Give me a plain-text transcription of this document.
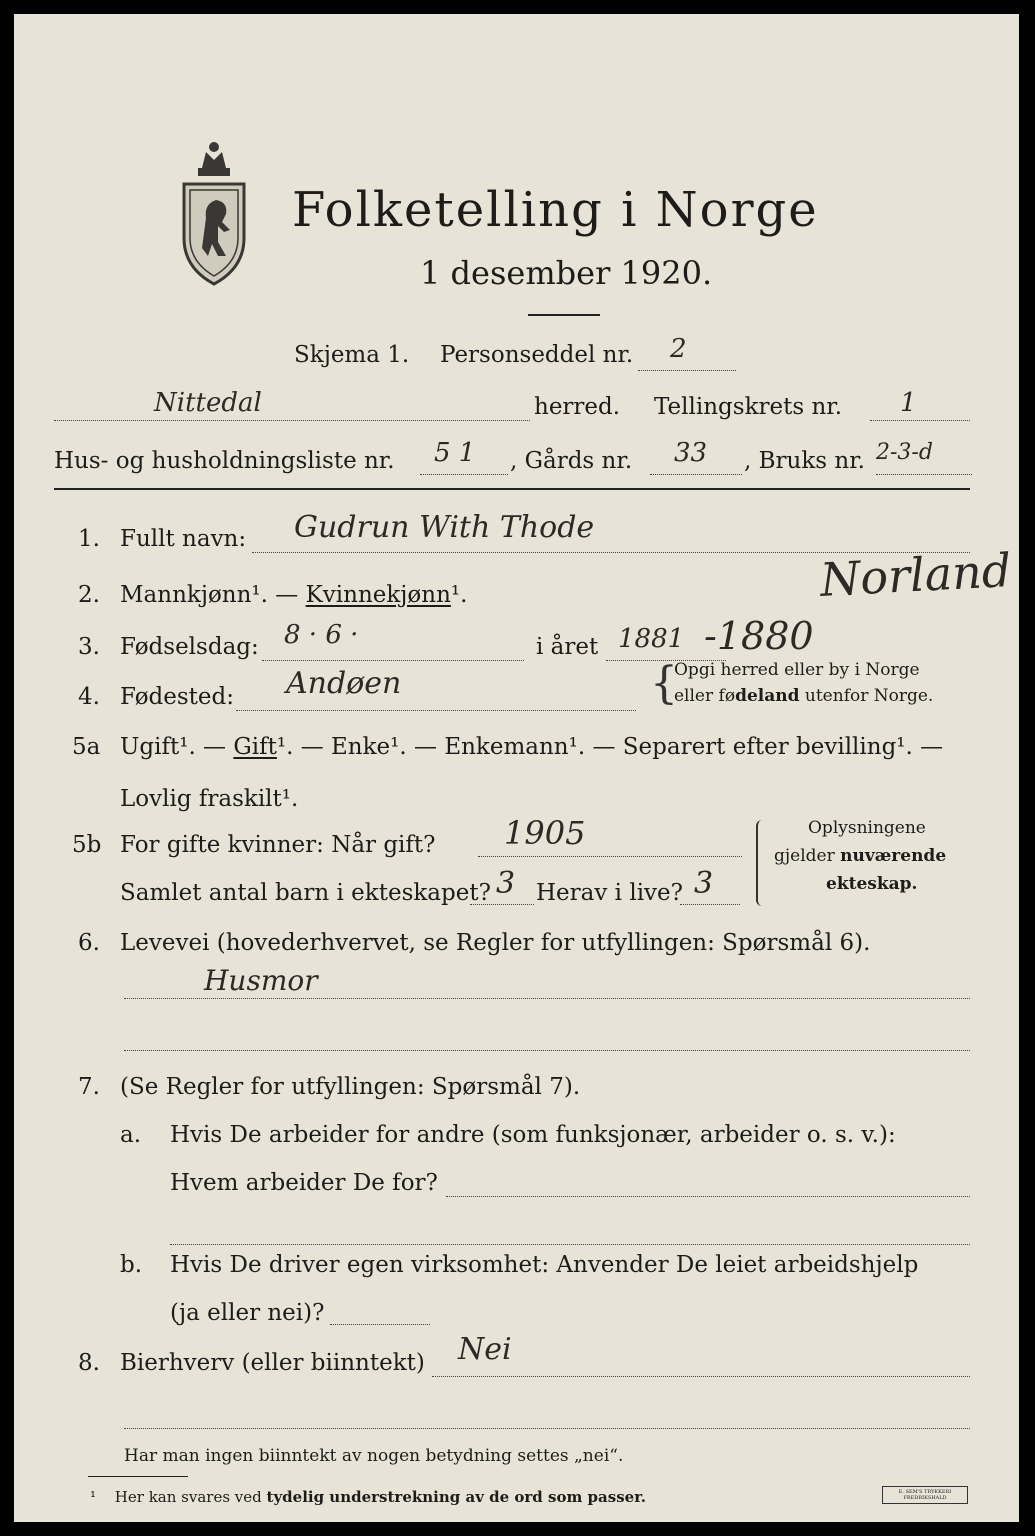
Folketelling i Norge
1 desember 1920.
Skjema 1. Personseddel nr. 2
Nittedal	herred. Tellingskrets nr. 1
Hus- og husholdningsliste nr. 5 1 , Gårds nr. 33 , Bruks nr. 2-3-d
1. Fullt navn: Gudrun With Thode
2. Mannkjønn¹. — Kvinnekjønn¹.	Norland
3. Fødselsdag: 8 · 6 ·	i året 1881 -1880
4. Fødested: Andøen	{
Opgi herred eller by i Norge
eller fødeland utenfor Norge.
5a Ugift¹. — Gift¹. — Enke¹. — Enkemann¹. — Separert efter bevilling¹. —
Lovlig fraskilt¹.
5b For gifte kvinner: Når gift? 1905
Samlet antal barn i ekteskapet? 3 Herav i live? 3
Oplysningene
gjelder nuværende
ekteskap.
6. Levevei (hovederhvervet, se Regler for utfyllingen: Spørsmål 6).
Husmor
7. (Se Regler for utfyllingen: Spørsmål 7).
a. Hvis De arbeider for andre (som funksjonær, arbeider o. s. v.):
Hvem arbeider De for?
b. Hvis De driver egen virksomhet: Anvender De leiet arbeidshjelp
(ja eller nei)?
8. Bierhverv (eller biinntekt) Nei
Har man ingen biinntekt av nogen betydning settes „nei“.
¹ Her kan svares ved tydelig understrekning av de ord som passer.	E. SEM'S TRYKKERI FREDRIKSHALD
